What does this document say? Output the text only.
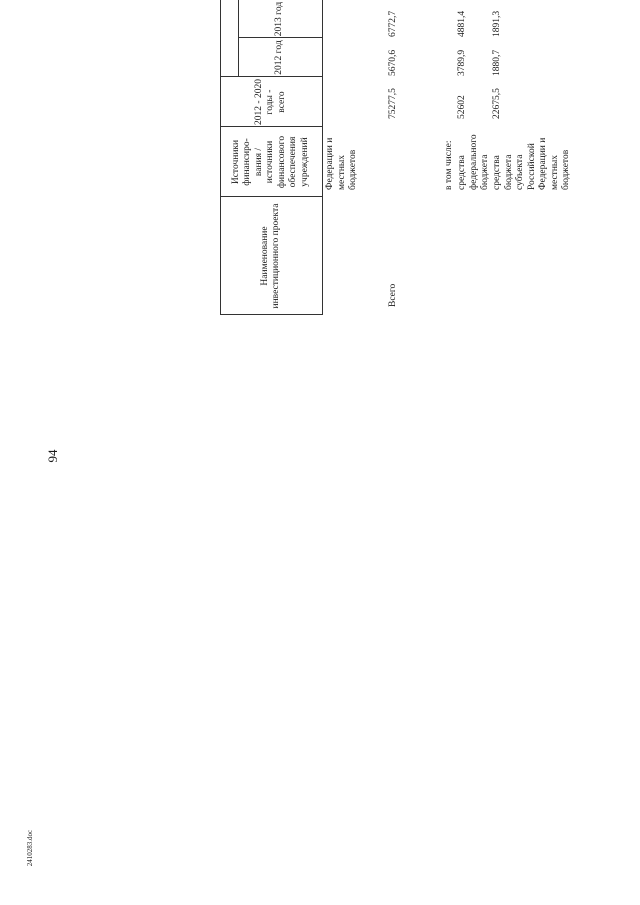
94
2410283.doc
Наименование инвестиционного проекта
Источники финансиро-вания / источники финансового обеспечения учреждений
2012 - 2020 годы - всего
2012 год
2013 год
Федерации и местных бюджетов
Всего
75277,5
5670,6
6772,7
в том числе: средства федерального бюджета
52602
3789,9
4881,4
средства бюджета субъекта Российской Федерации и местных бюджетов
22675,5
1880,7
1891,3
